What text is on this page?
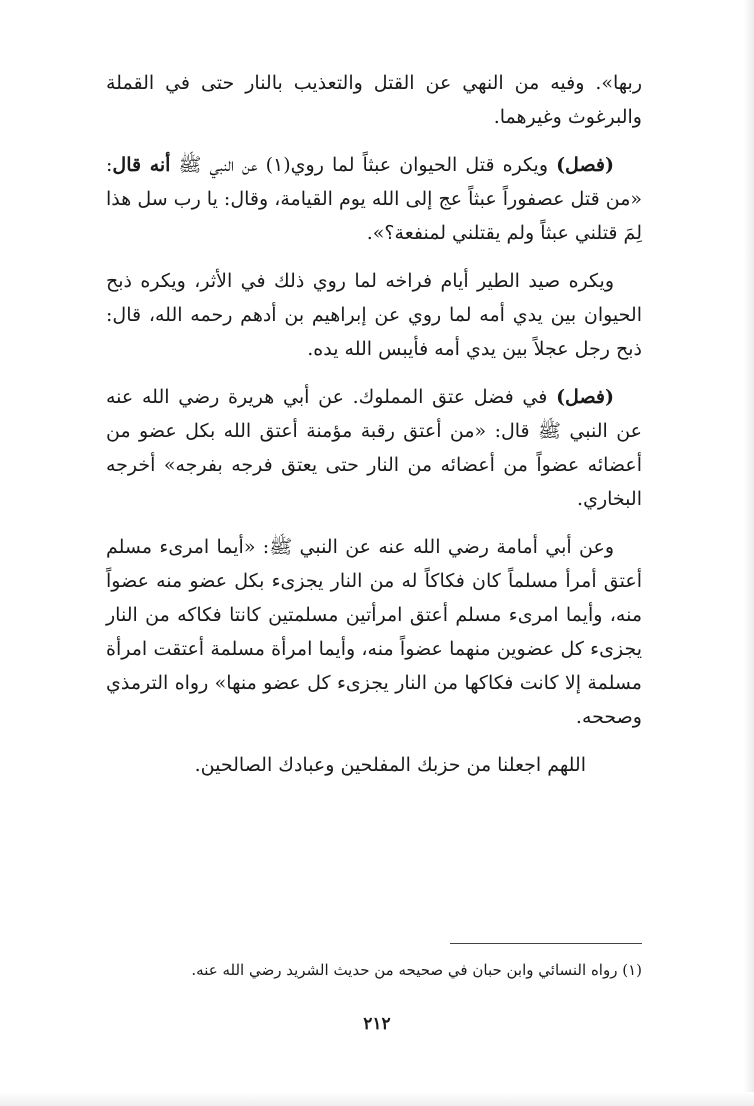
ربها». وفيه من النهي عن القتل والتعذيب بالنار حتى في القملة والبرغوث وغيرهما.

(فصل) ويكره قتل الحيوان عبثاً لما روي(١) عن النبي ﷺ أنه قال: «من قتل عصفوراً عبثاً عج إلى الله يوم القيامة، وقال: يا رب سل هذا لِمَ قتلني عبثاً ولم يقتلني لمنفعة؟».

ويكره صيد الطير أيام فراخه لما روي ذلك في الأثر، ويكره ذبح الحيوان بين يدي أمه لما روي عن إبراهيم بن أدهم رحمه الله، قال: ذبح رجل عجلاً بين يدي أمه فأيبس الله يده.

(فصل) في فضل عتق المملوك. عن أبي هريرة رضي الله عنه عن النبي ﷺ قال: «من أعتق رقبة مؤمنة أعتق الله بكل عضو من أعضائه عضواً من أعضائه من النار حتى يعتق فرجه بفرجه» أخرجه البخاري.

وعن أبي أمامة رضي الله عنه عن النبي ﷺ: «أيما امرىء مسلم أعتق أمرأ مسلماً كان فكاكاً له من النار يجزىء بكل عضو منه عضواً منه، وأيما امرىء مسلم أعتق امرأتين مسلمتين كانتا فكاكه من النار يجزىء كل عضوين منهما عضواً منه، وأيما امرأة مسلمة أعتقت امرأة مسلمة إلا كانت فكاكها من النار يجزىء كل عضو منها» رواه الترمذي وصححه.

اللهم اجعلنا من حزبك المفلحين وعبادك الصالحين.

(١) رواه النسائي وابن حبان في صحيحه من حديث الشريد رضي الله عنه.
٢١٢
